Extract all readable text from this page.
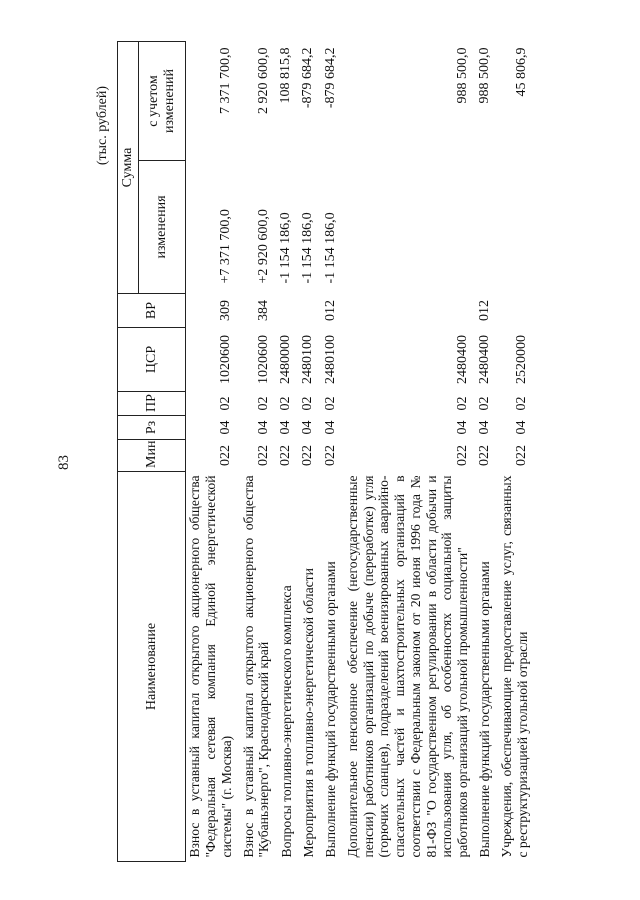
83
(тыс. рублей)
Наименование	Мин	Рз	ПР	ЦСР	ВР	Сумма	
						изменения	с учетом изменений
Взнос в уставный капитал открытого акционерного общества "Федеральная сетевая компания Единой энергетической системы" (г. Москва)	022	04	02	1020600	309	+7 371 700,0	7 371 700,0
Взнос в уставный капитал открытого акционерного общества "Кубаньэнерго", Краснодарский край	022	04	02	1020600	384	+2 920 600,0	2 920 600,0
Вопросы топливно-энергетического комплекса	022	04	02	2480000		-1 154 186,0	108 815,8
Мероприятия в топливно-энергетической области	022	04	02	2480100		-1 154 186,0	-879 684,2
Выполнение функций государственными органами	022	04	02	2480100	012	-1 154 186,0	-879 684,2
Дополнительное пенсионное обеспечение (негосударственные пенсии) работников организаций по добыче (переработке) угля (горючих сланцев), подразделений военизированных аварийно-спасательных частей и шахтостроительных организаций в соответствии с Федеральным законом от 20 июня 1996 года № 81-ФЗ "О государственном регулировании в области добычи и использования угля, об особенностях социальной защиты работников организаций угольной промышленности"	022	04	02	2480400			988 500,0
Выполнение функций государственными органами	022	04	02	2480400	012		988 500,0
Учреждения, обеспечивающие предоставление услуг, связанных с реструктуризацией угольной отрасли	022	04	02	2520000			45 806,9
